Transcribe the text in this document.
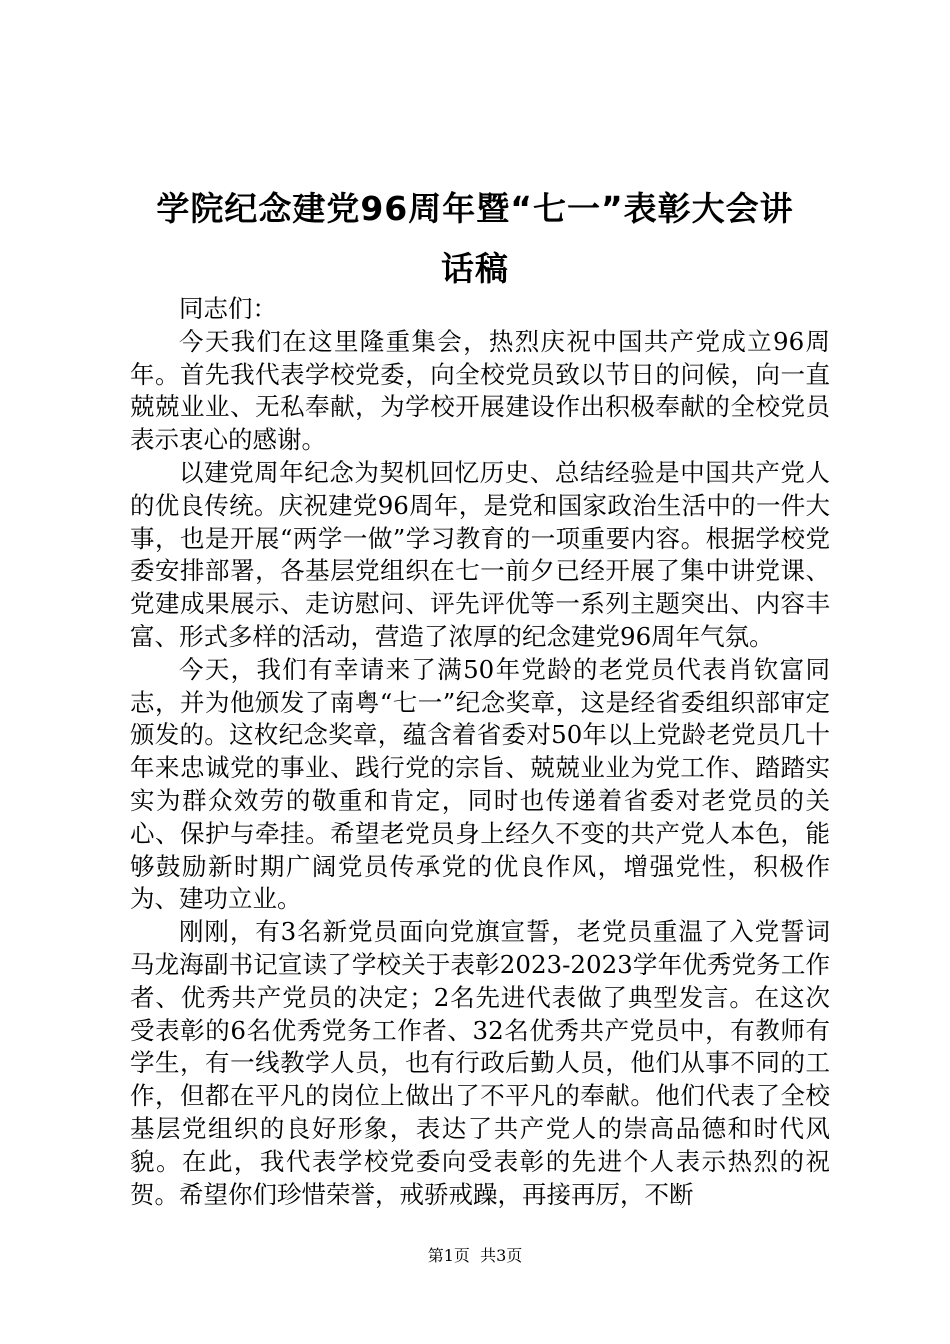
学院纪念建党96周年暨“七一”表彰大会讲
话稿

同志们：

今天我们在这里隆重集会，热烈庆祝中国共产党成立96周年。首先我代表学校党委，向全校党员致以节日的问候，向一直兢兢业业、无私奉献，为学校开展建设作出积极奉献的全校党员表示衷心的感谢。

以建党周年纪念为契机回忆历史、总结经验是中国共产党人的优良传统。庆祝建党96周年，是党和国家政治生活中的一件大事，也是开展“两学一做”学习教育的一项重要内容。根据学校党委安排部署，各基层党组织在七一前夕已经开展了集中讲党课、党建成果展示、走访慰问、评先评优等一系列主题突出、内容丰富、形式多样的活动，营造了浓厚的纪念建党96周年气氛。

今天，我们有幸请来了满50年党龄的老党员代表肖钦富同志，并为他颁发了南粤“七一”纪念奖章，这是经省委组织部审定颁发的。这枚纪念奖章，蕴含着省委对50年以上党龄老党员几十年来忠诚党的事业、践行党的宗旨、兢兢业业为党工作、踏踏实实为群众效劳的敬重和肯定，同时也传递着省委对老党员的关心、保护与牵挂。希望老党员身上经久不变的共产党人本色，能够鼓励新时期广阔党员传承党的优良作风，增强党性，积极作为、建功立业。

刚刚，有3名新党员面向党旗宣誓，老党员重温了入党誓词马龙海副书记宣读了学校关于表彰2023-2023学年优秀党务工作者、优秀共产党员的决定；2名先进代表做了典型发言。在这次受表彰的6名优秀党务工作者、32名优秀共产党员中，有教师有学生，有一线教学人员，也有行政后勤人员，他们从事不同的工作，但都在平凡的岗位上做出了不平凡的奉献。他们代表了全校基层党组织的良好形象，表达了共产党人的崇高品德和时代风貌。在此，我代表学校党委向受表彰的先进个人表示热烈的祝贺。希望你们珍惜荣誉，戒骄戒躁，再接再厉，不断

第1页 共3页
